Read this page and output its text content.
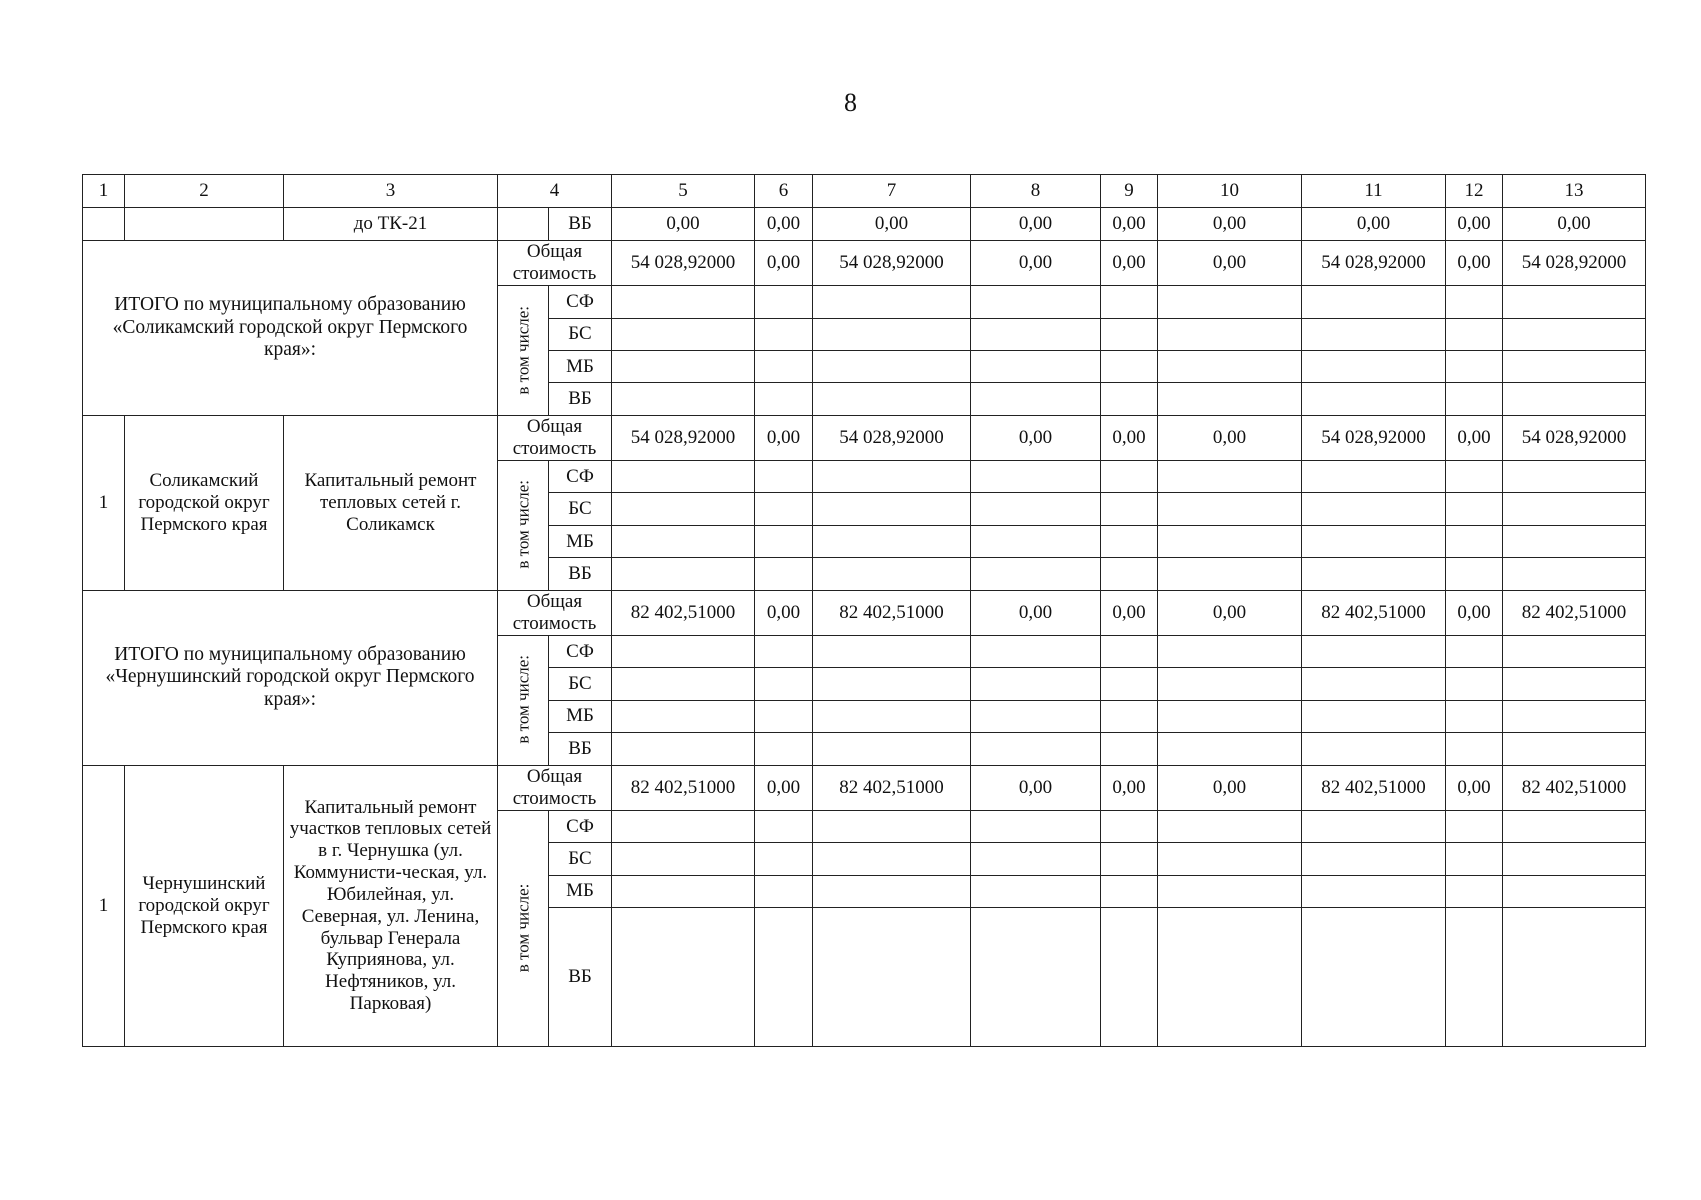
8
1	2	3	4		5	6	7	8	9	10	11	12	13
		до ТК-21		ВБ	0,00	0,00	0,00	0,00	0,00	0,00	0,00	0,00	0,00
ИТОГО по муниципальному образованию «Соликамский городской округ Пермского края»:			Общая стоимость		54 028,92000	0,00	54 028,92000	0,00	0,00	0,00	54 028,92000	0,00	54 028,92000
			в том числе:	СФ									
				БС									
				МБ									
				ВБ									
1	Соликамский городской округ Пермского края	Капитальный ремонт тепловых сетей г. Соликамск	Общая стоимость		54 028,92000	0,00	54 028,92000	0,00	0,00	0,00	54 028,92000	0,00	54 028,92000
			в том числе:	СФ									
				БС									
				МБ									
				ВБ									
ИТОГО по муниципальному образованию «Чернушинский городской округ Пермского края»:			Общая стоимость		82 402,51000	0,00	82 402,51000	0,00	0,00	0,00	82 402,51000	0,00	82 402,51000
			в том числе:	СФ									
				БС									
				МБ									
				ВБ									
1	Чернушинский городской округ Пермского края	Капитальный ремонт участков тепловых сетей в г. Чернушка (ул. Коммунисти-ческая, ул. Юбилейная, ул. Северная, ул. Ленина, бульвар Генерала Куприянова, ул. Нефтяников, ул. Парковая)	Общая стоимость		82 402,51000	0,00	82 402,51000	0,00	0,00	0,00	82 402,51000	0,00	82 402,51000
			в том числе:	СФ									
				БС									
				МБ									
				ВБ									
